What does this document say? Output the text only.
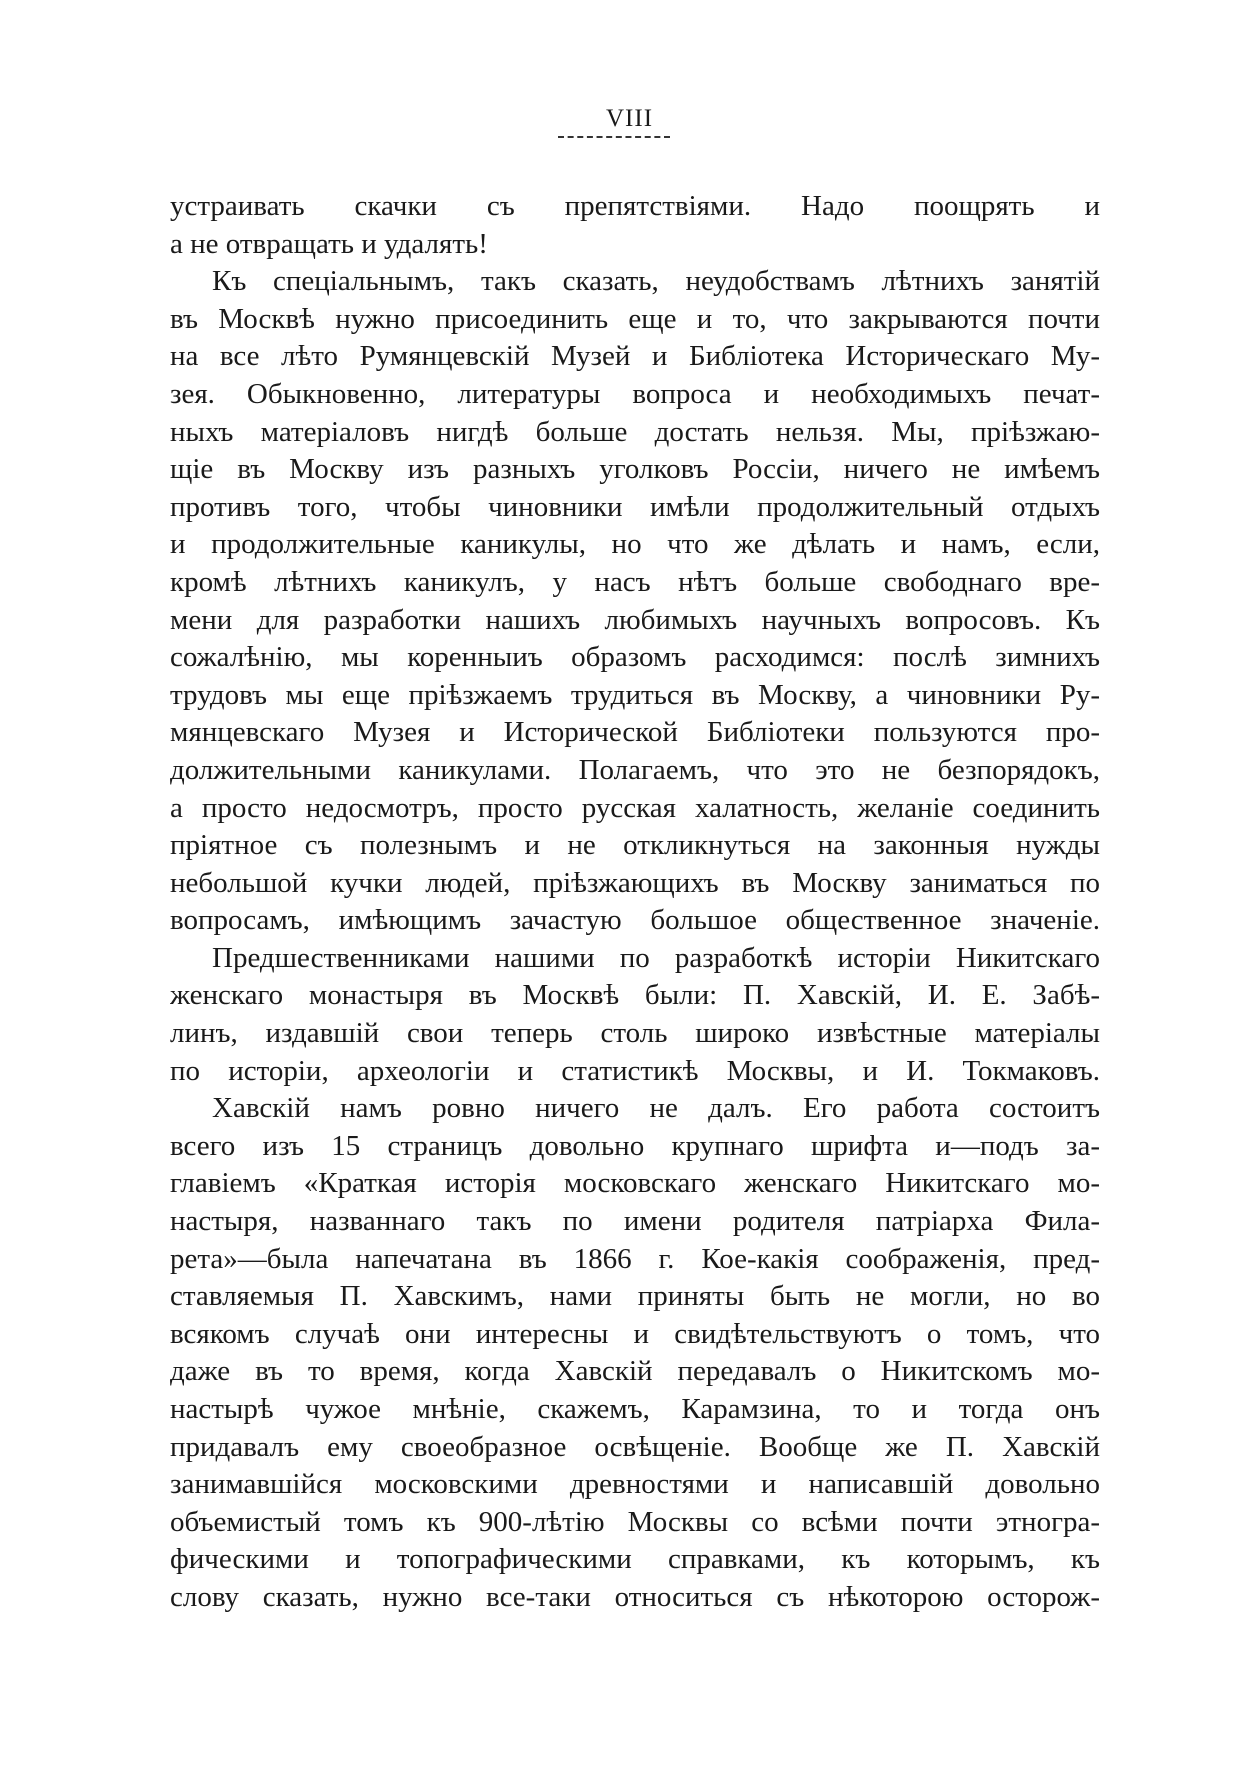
VIII
устраивать скачки съ препятствіями. Надо поощрять и
а не отвращать и удалять!
Къ спеціальнымъ, такъ сказать, неудобствамъ лѣтнихъ занятій
въ Москвѣ нужно присоединить еще и то, что закрываются почти
на все лѣто Румянцевскій Музей и Библіотека Историческаго Му-
зея. Обыкновенно, литературы вопроса и необходимыхъ печат-
ныхъ матеріаловъ нигдѣ больше достать нельзя. Мы, пріѣзжаю-
щіе въ Москву изъ разныхъ уголковъ Россіи, ничего не имѣемъ
противъ того, чтобы чиновники имѣли продолжительный отдыхъ
и продолжительные каникулы, но что же дѣлать и намъ, если,
кромѣ лѣтнихъ каникулъ, у насъ нѣтъ больше свободнаго вре-
мени для разработки нашихъ любимыхъ научныхъ вопросовъ. Къ
сожалѣнію, мы коренныиъ образомъ расходимся: послѣ зимнихъ
трудовъ мы еще пріѣзжаемъ трудиться въ Москву, а чиновники Ру-
мянцевскаго Музея и Исторической Библіотеки пользуются про-
должительными каникулами. Полагаемъ, что это не безпорядокъ,
а просто недосмотръ, просто русская халатность, желаніе соединить
пріятное съ полезнымъ и не откликнуться на законныя нужды
небольшой кучки людей, пріѣзжающихъ въ Москву заниматься по
вопросамъ, имѣющимъ зачастую большое общественное значеніе.
Предшественниками нашими по разработкѣ исторіи Никитскаго
женскаго монастыря въ Москвѣ были: П. Хавскій, И. Е. Забѣ-
линъ, издавшій свои теперь столь широко извѣстные матеріалы
по исторіи, археологіи и статистикѣ Москвы, и И. Токмаковъ.
Хавскій намъ ровно ничего не далъ. Его работа состоитъ
всего изъ 15 страницъ довольно крупнаго шрифта и—подъ за-
главіемъ «Краткая исторія московскаго женскаго Никитскаго мо-
настыря, названнаго такъ по имени родителя патріарха Фила-
рета»—была напечатана въ 1866 г. Кое-какія соображенія, пред-
ставляемыя П. Хавскимъ, нами приняты быть не могли, но во
всякомъ случаѣ они интересны и свидѣтельствуютъ о томъ, что
даже въ то время, когда Хавскій передавалъ о Никитскомъ мо-
настырѣ чужое мнѣніе, скажемъ, Карамзина, то и тогда онъ
придавалъ ему своеобразное освѣщеніе. Вообще же П. Хавскій
занимавшійся московскими древностями и написавшій довольно
объемистый томъ къ 900-лѣтію Москвы со всѣми почти этногра-
фическими и топографическими справками, къ которымъ, къ
слову сказать, нужно все-таки относиться съ нѣкоторою осторож-
